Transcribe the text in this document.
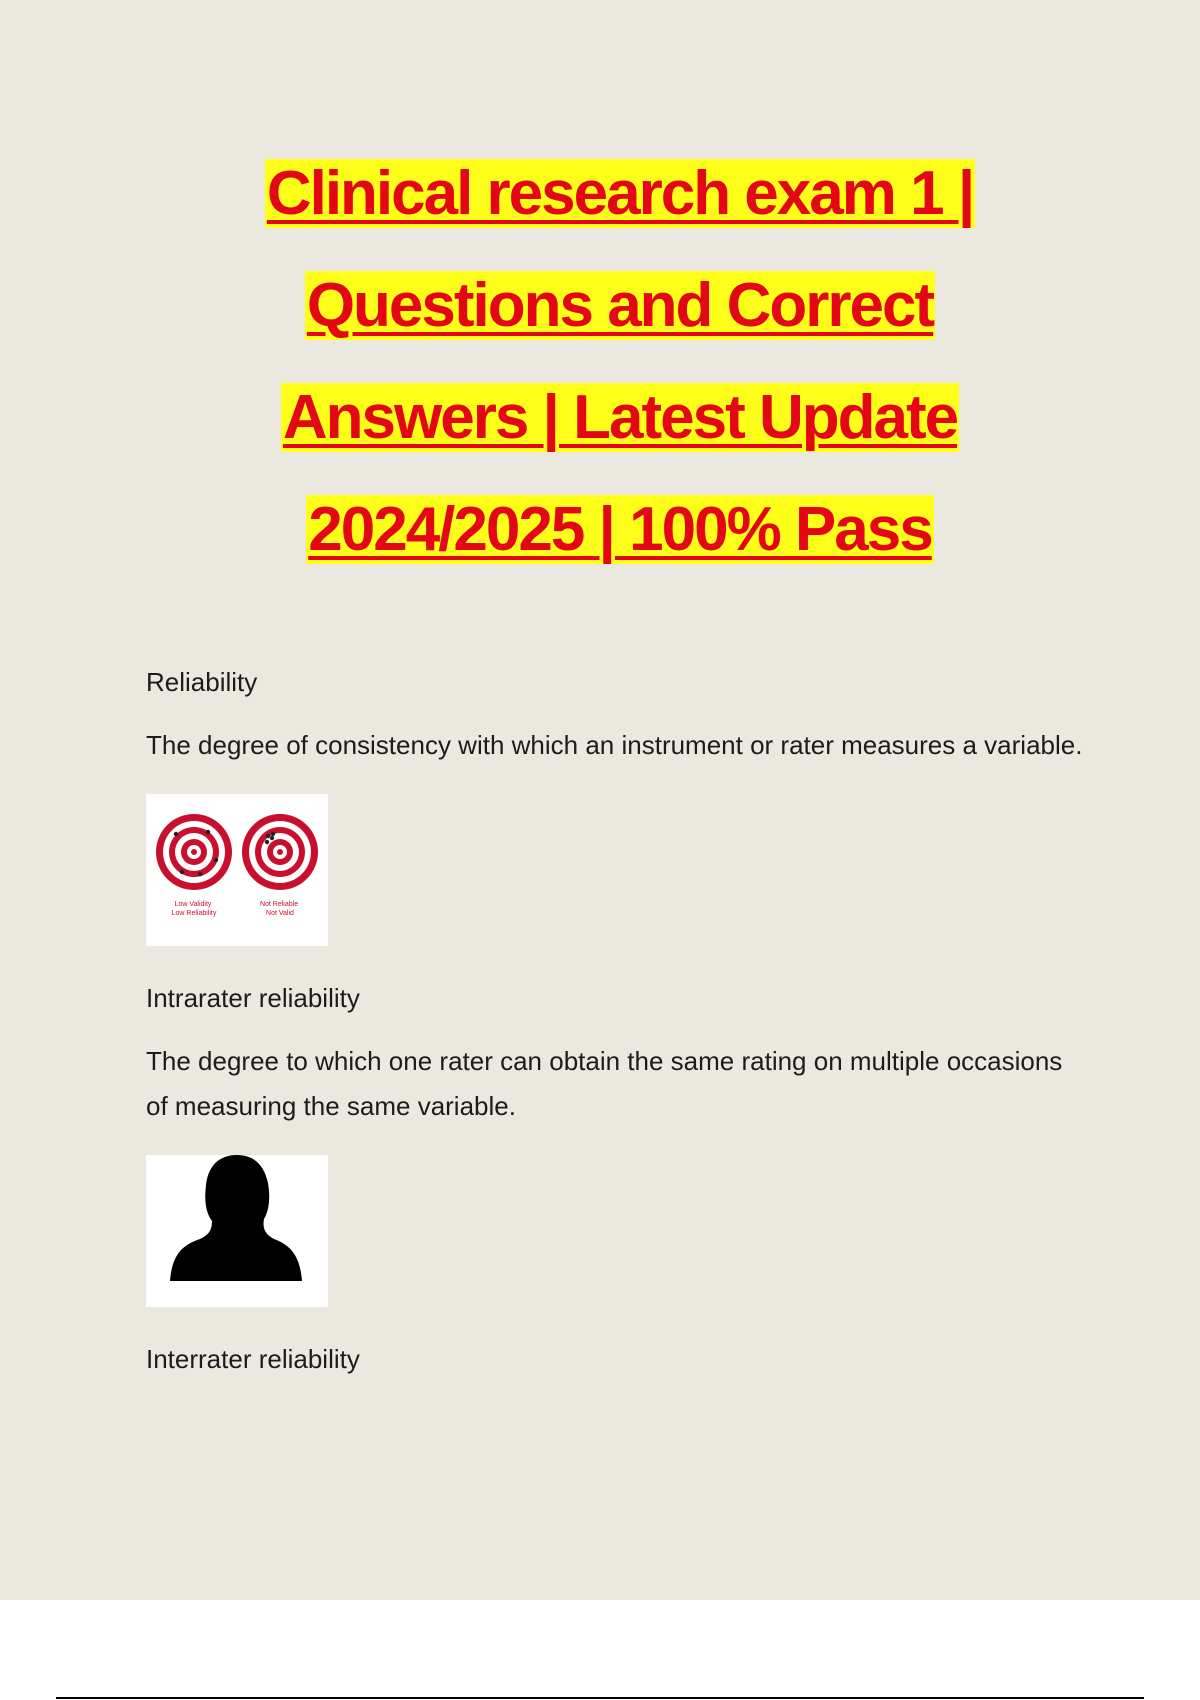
Clinical research exam 1 |
Questions and Correct
Answers | Latest Update
2024/2025 | 100% Pass

Reliability

The degree of consistency with which an instrument or rater measures a variable.

Low Validity Low Reliability
Not Reliable Not Valid

Intrarater reliability

The degree to which one rater can obtain the same rating on multiple occasions of measuring the same variable.

Interrater reliability
